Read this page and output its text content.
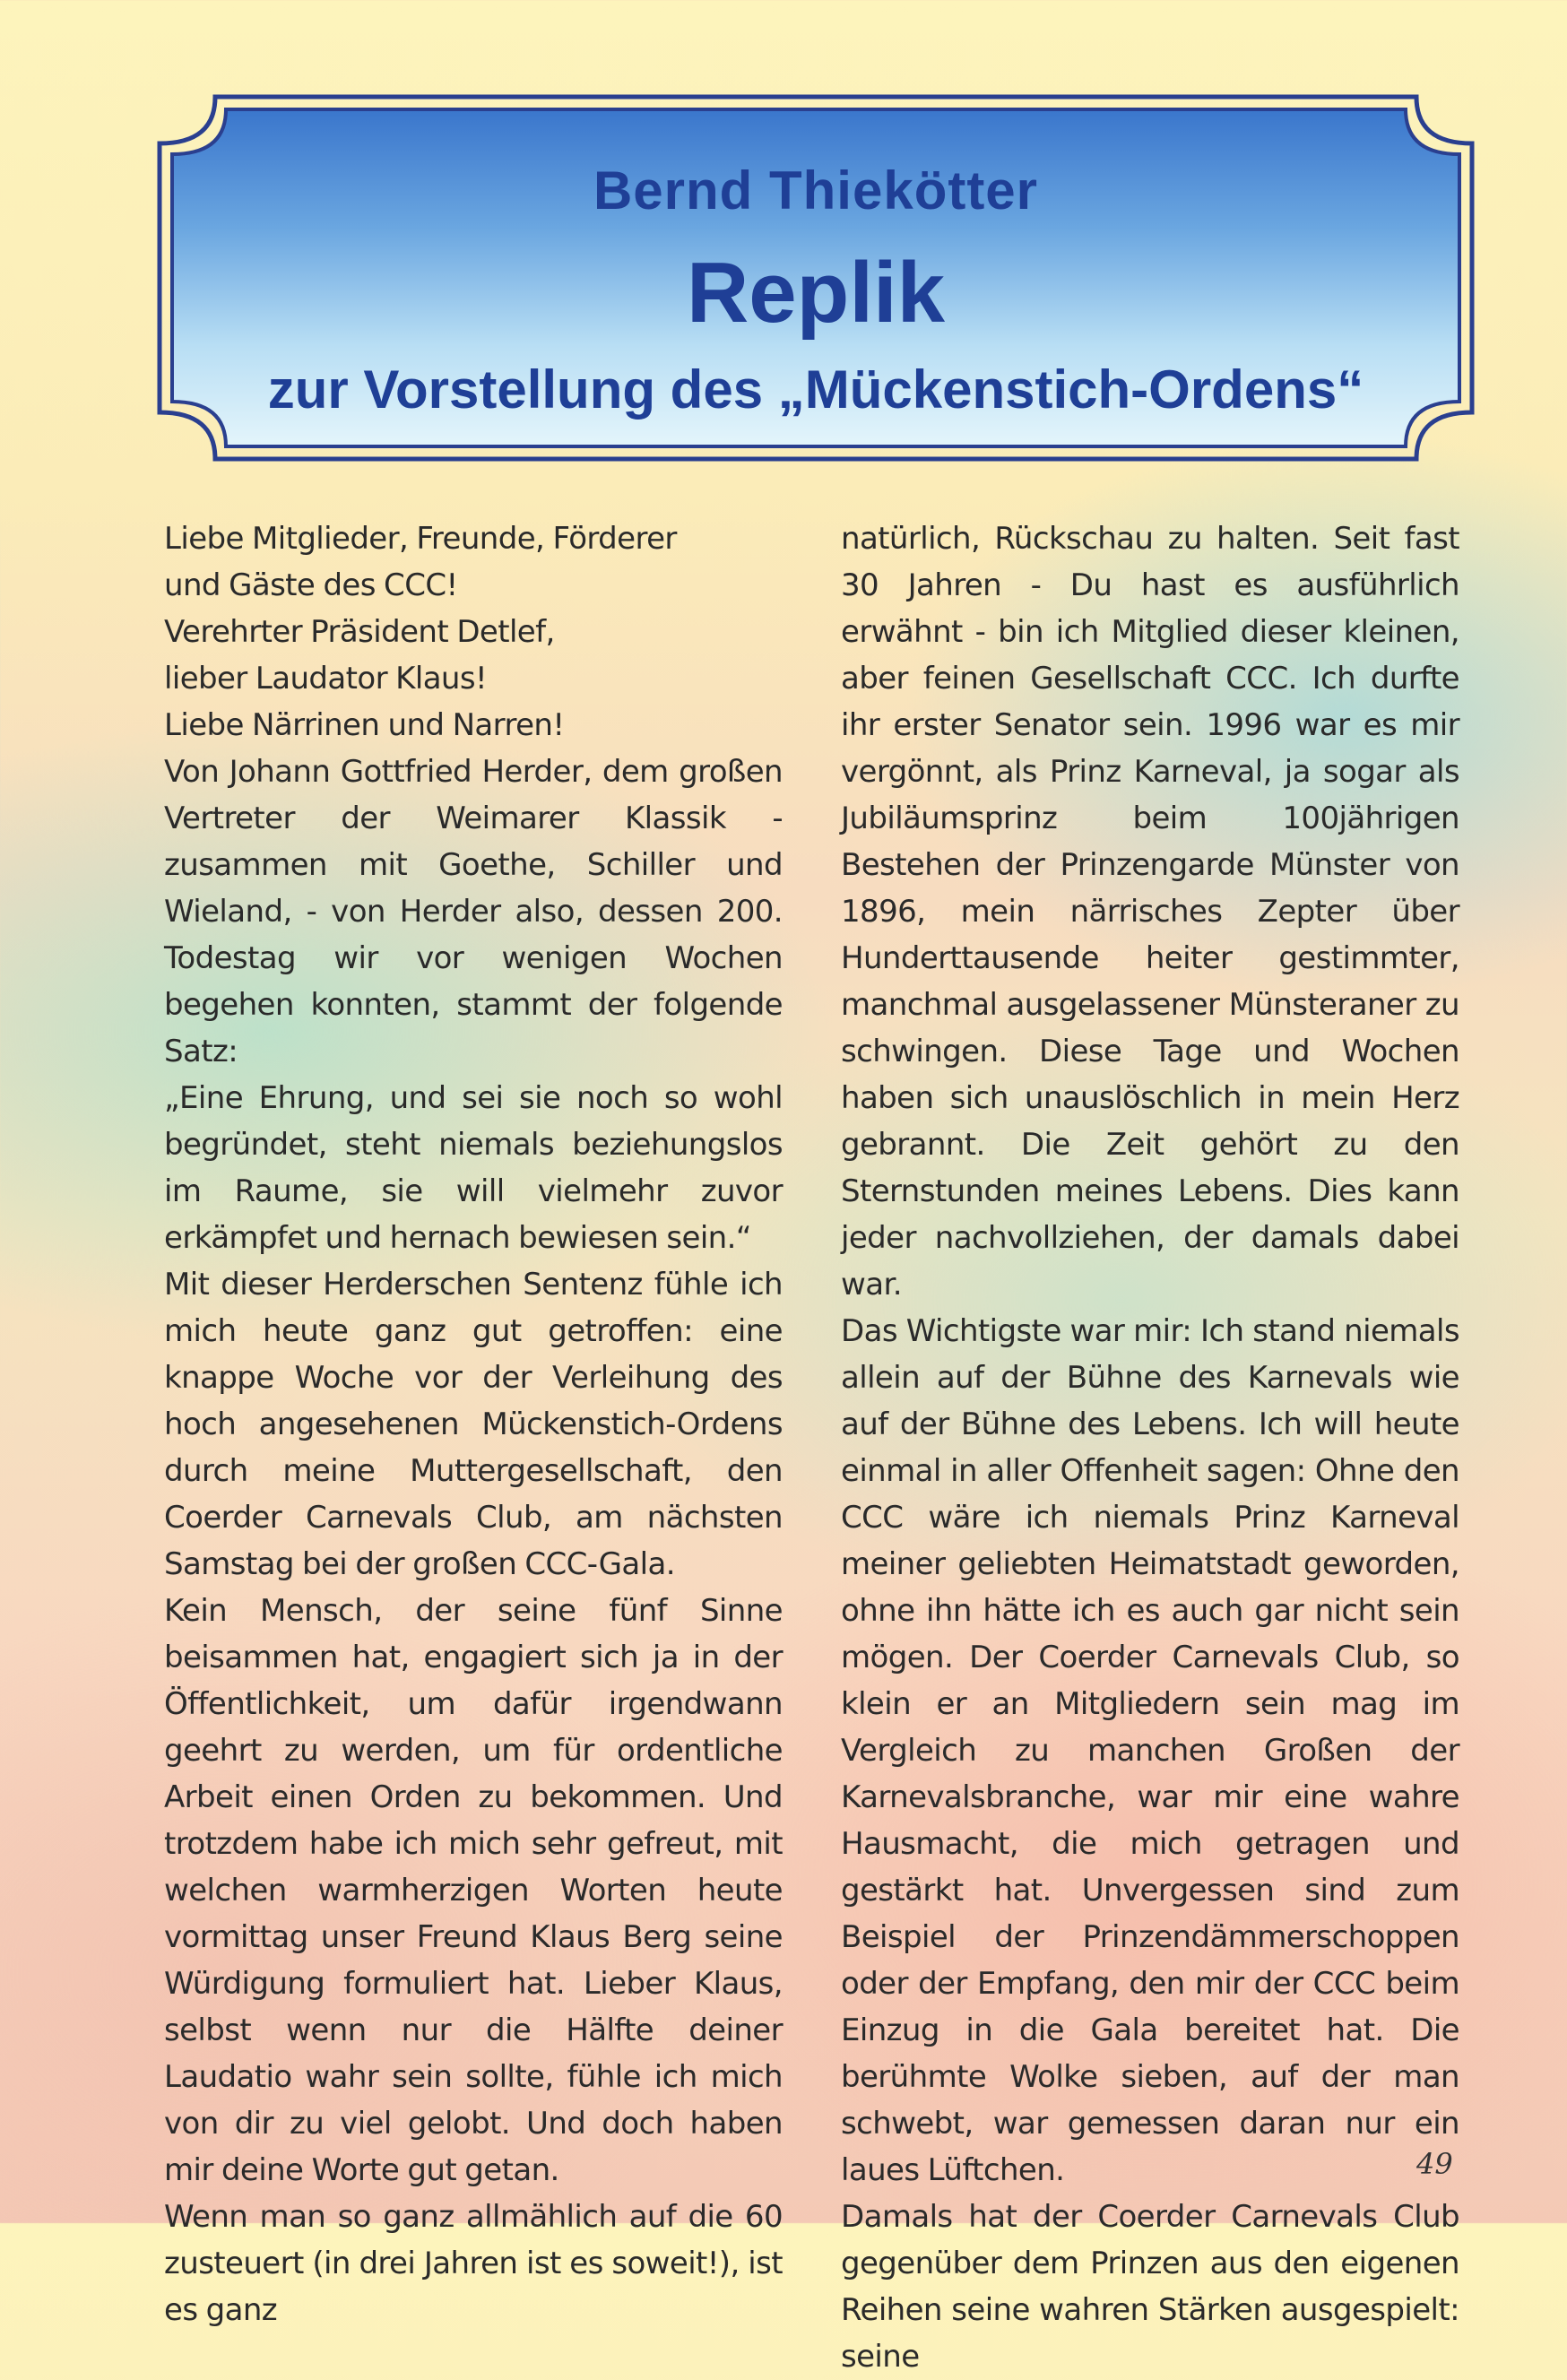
Bernd Thiekötter
Replik
zur Vorstellung des „Mückenstich-Ordens“

Liebe Mitglieder, Freunde, Förderer

und Gäste des CCC!

Verehrter Präsident Detlef,

lieber Laudator Klaus!

Liebe Närrinen und Narren!

Von Johann Gottfried Herder, dem großen Vertreter der Weimarer Klassik - zusammen mit Goethe, Schiller und Wieland, - von Herder also, dessen 200. Todestag wir vor wenigen Wochen begehen konnten, stammt der folgende Satz:

„Eine Ehrung, und sei sie noch so wohl begründet, steht niemals beziehungslos im Raume, sie will vielmehr zuvor erkämpfet und hernach bewiesen sein.“

Mit dieser Herderschen Sentenz fühle ich mich heute ganz gut getroffen: eine knappe Woche vor der Verleihung des hoch angesehenen Mückenstich-Ordens durch meine Muttergesellschaft, den Coerder Carnevals Club, am nächsten Samstag bei der großen CCC-Gala.

Kein Mensch, der seine fünf Sinne beisammen hat, engagiert sich ja in der Öffentlichkeit, um dafür irgendwann geehrt zu werden, um für ordentliche Arbeit einen Orden zu bekommen. Und trotzdem habe ich mich sehr gefreut, mit welchen warmherzigen Worten heute vormittag unser Freund Klaus Berg seine Würdigung formuliert hat. Lieber Klaus, selbst wenn nur die Hälfte deiner Laudatio wahr sein sollte, fühle ich mich von dir zu viel gelobt. Und doch haben mir deine Worte gut getan.

Wenn man so ganz allmählich auf die 60 zusteuert (in drei Jahren ist es soweit!), ist es ganz

natürlich, Rückschau zu halten. Seit fast 30 Jahren - Du hast es ausführlich erwähnt - bin ich Mitglied dieser kleinen, aber feinen Gesellschaft CCC. Ich durfte ihr erster Senator sein. 1996 war es mir vergönnt, als Prinz Karneval, ja sogar als Jubiläumsprinz beim 100jährigen Bestehen der Prinzengarde Münster von 1896, mein närrisches Zepter über Hunderttausende heiter gestimmter, manchmal ausgelassener Münsteraner zu schwingen. Diese Tage und Wochen haben sich unauslöschlich in mein Herz gebrannt. Die Zeit gehört zu den Sternstunden meines Lebens. Dies kann jeder nachvollziehen, der damals dabei war.

Das Wichtigste war mir: Ich stand niemals allein auf der Bühne des Karnevals wie auf der Bühne des Lebens. Ich will heute einmal in aller Offenheit sagen: Ohne den CCC wäre ich niemals Prinz Karneval meiner geliebten Heimatstadt geworden, ohne ihn hätte ich es auch gar nicht sein mögen. Der Coerder Carnevals Club, so klein er an Mitgliedern sein mag im Vergleich zu manchen Großen der Karnevalsbranche, war mir eine wahre Hausmacht, die mich getragen und gestärkt hat. Unvergessen sind zum Beispiel der Prinzendämmerschoppen oder der Empfang, den mir der CCC beim Einzug in die Gala bereitet hat. Die berühmte Wolke sieben, auf der man schwebt, war gemessen daran nur ein laues Lüftchen.

Damals hat der Coerder Carnevals Club gegenüber dem Prinzen aus den eigenen Reihen seine wahren Stärken ausgespielt: seine

49
